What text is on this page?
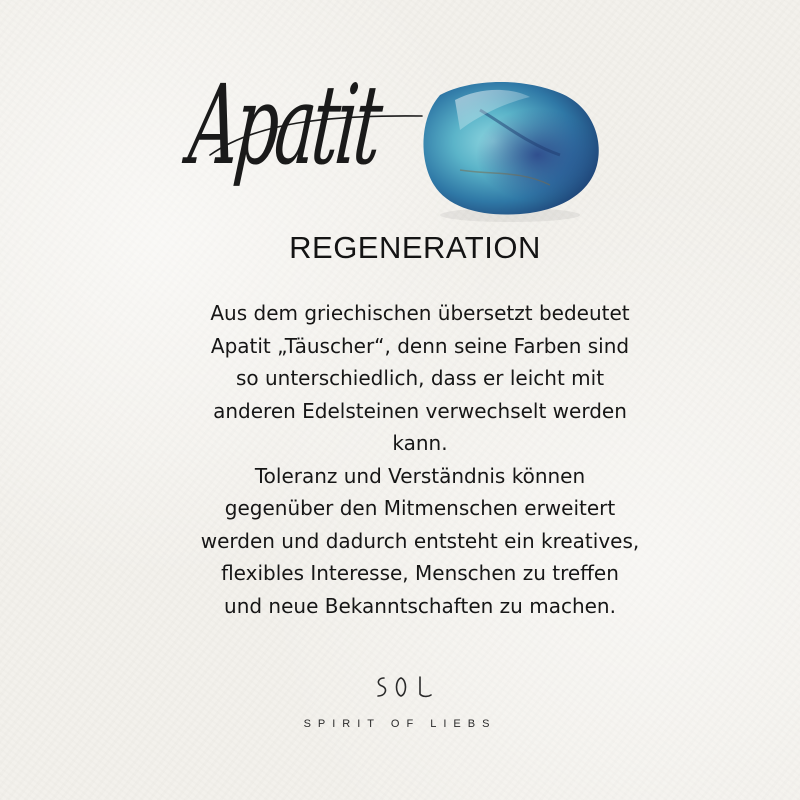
Apatit
REGENERATION
Aus dem griechischen übersetzt bedeutet
Apatit „Täuscher“, denn seine Farben sind
so unterschiedlich, dass er leicht mit
anderen Edelsteinen verwechselt werden
kann.
Toleranz und Verständnis können
gegenüber den Mitmenschen erweitert
werden und dadurch entsteht ein kreatives,
flexibles Interesse, Menschen zu treffen
und neue Bekanntschaften zu machen.
SPIRIT OF LIEBS
